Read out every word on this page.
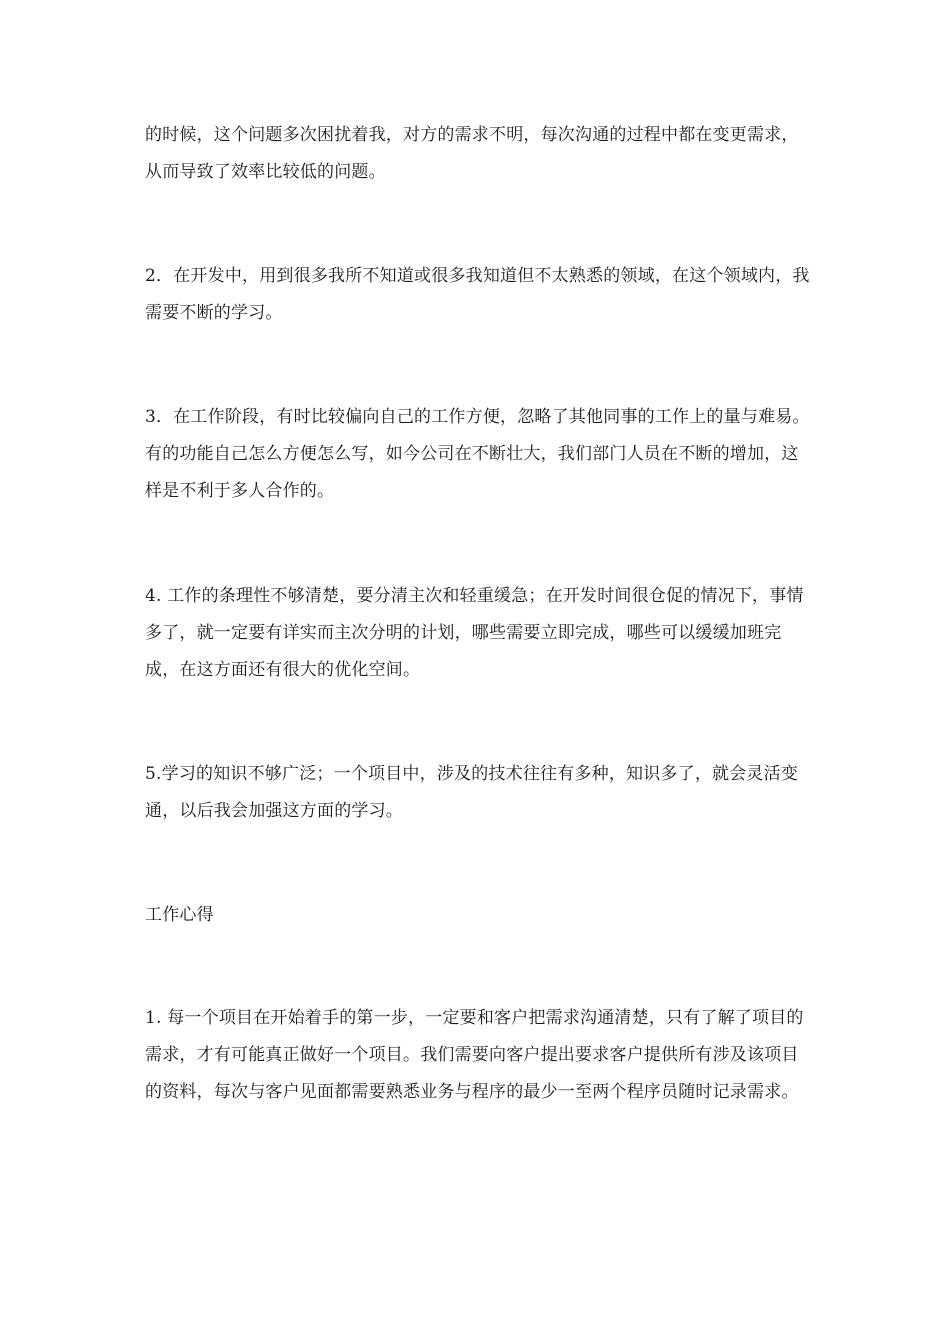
的时候，这个问题多次困扰着我，对方的需求不明，每次沟通的过程中都在变更需求，从而导致了效率比较低的问题。

2．在开发中，用到很多我所不知道或很多我知道但不太熟悉的领域，在这个领域内，我需要不断的学习。

3．在工作阶段，有时比较偏向自己的工作方便，忽略了其他同事的工作上的量与难易。有的功能自己怎么方便怎么写，如今公司在不断壮大，我们部门人员在不断的增加，这样是不利于多人合作的。

4. 工作的条理性不够清楚，要分清主次和轻重缓急；在开发时间很仓促的情况下，事情多了，就一定要有详实而主次分明的计划，哪些需要立即完成，哪些可以缓缓加班完成，在这方面还有很大的优化空间。

5.学习的知识不够广泛；一个项目中，涉及的技术往往有多种，知识多了，就会灵活变通，以后我会加强这方面的学习。

工作心得

1. 每一个项目在开始着手的第一步，一定要和客户把需求沟通清楚，只有了解了项目的需求，才有可能真正做好一个项目。我们需要向客户提出要求客户提供所有涉及该项目的资料，每次与客户见面都需要熟悉业务与程序的最少一至两个程序员随时记录需求。
